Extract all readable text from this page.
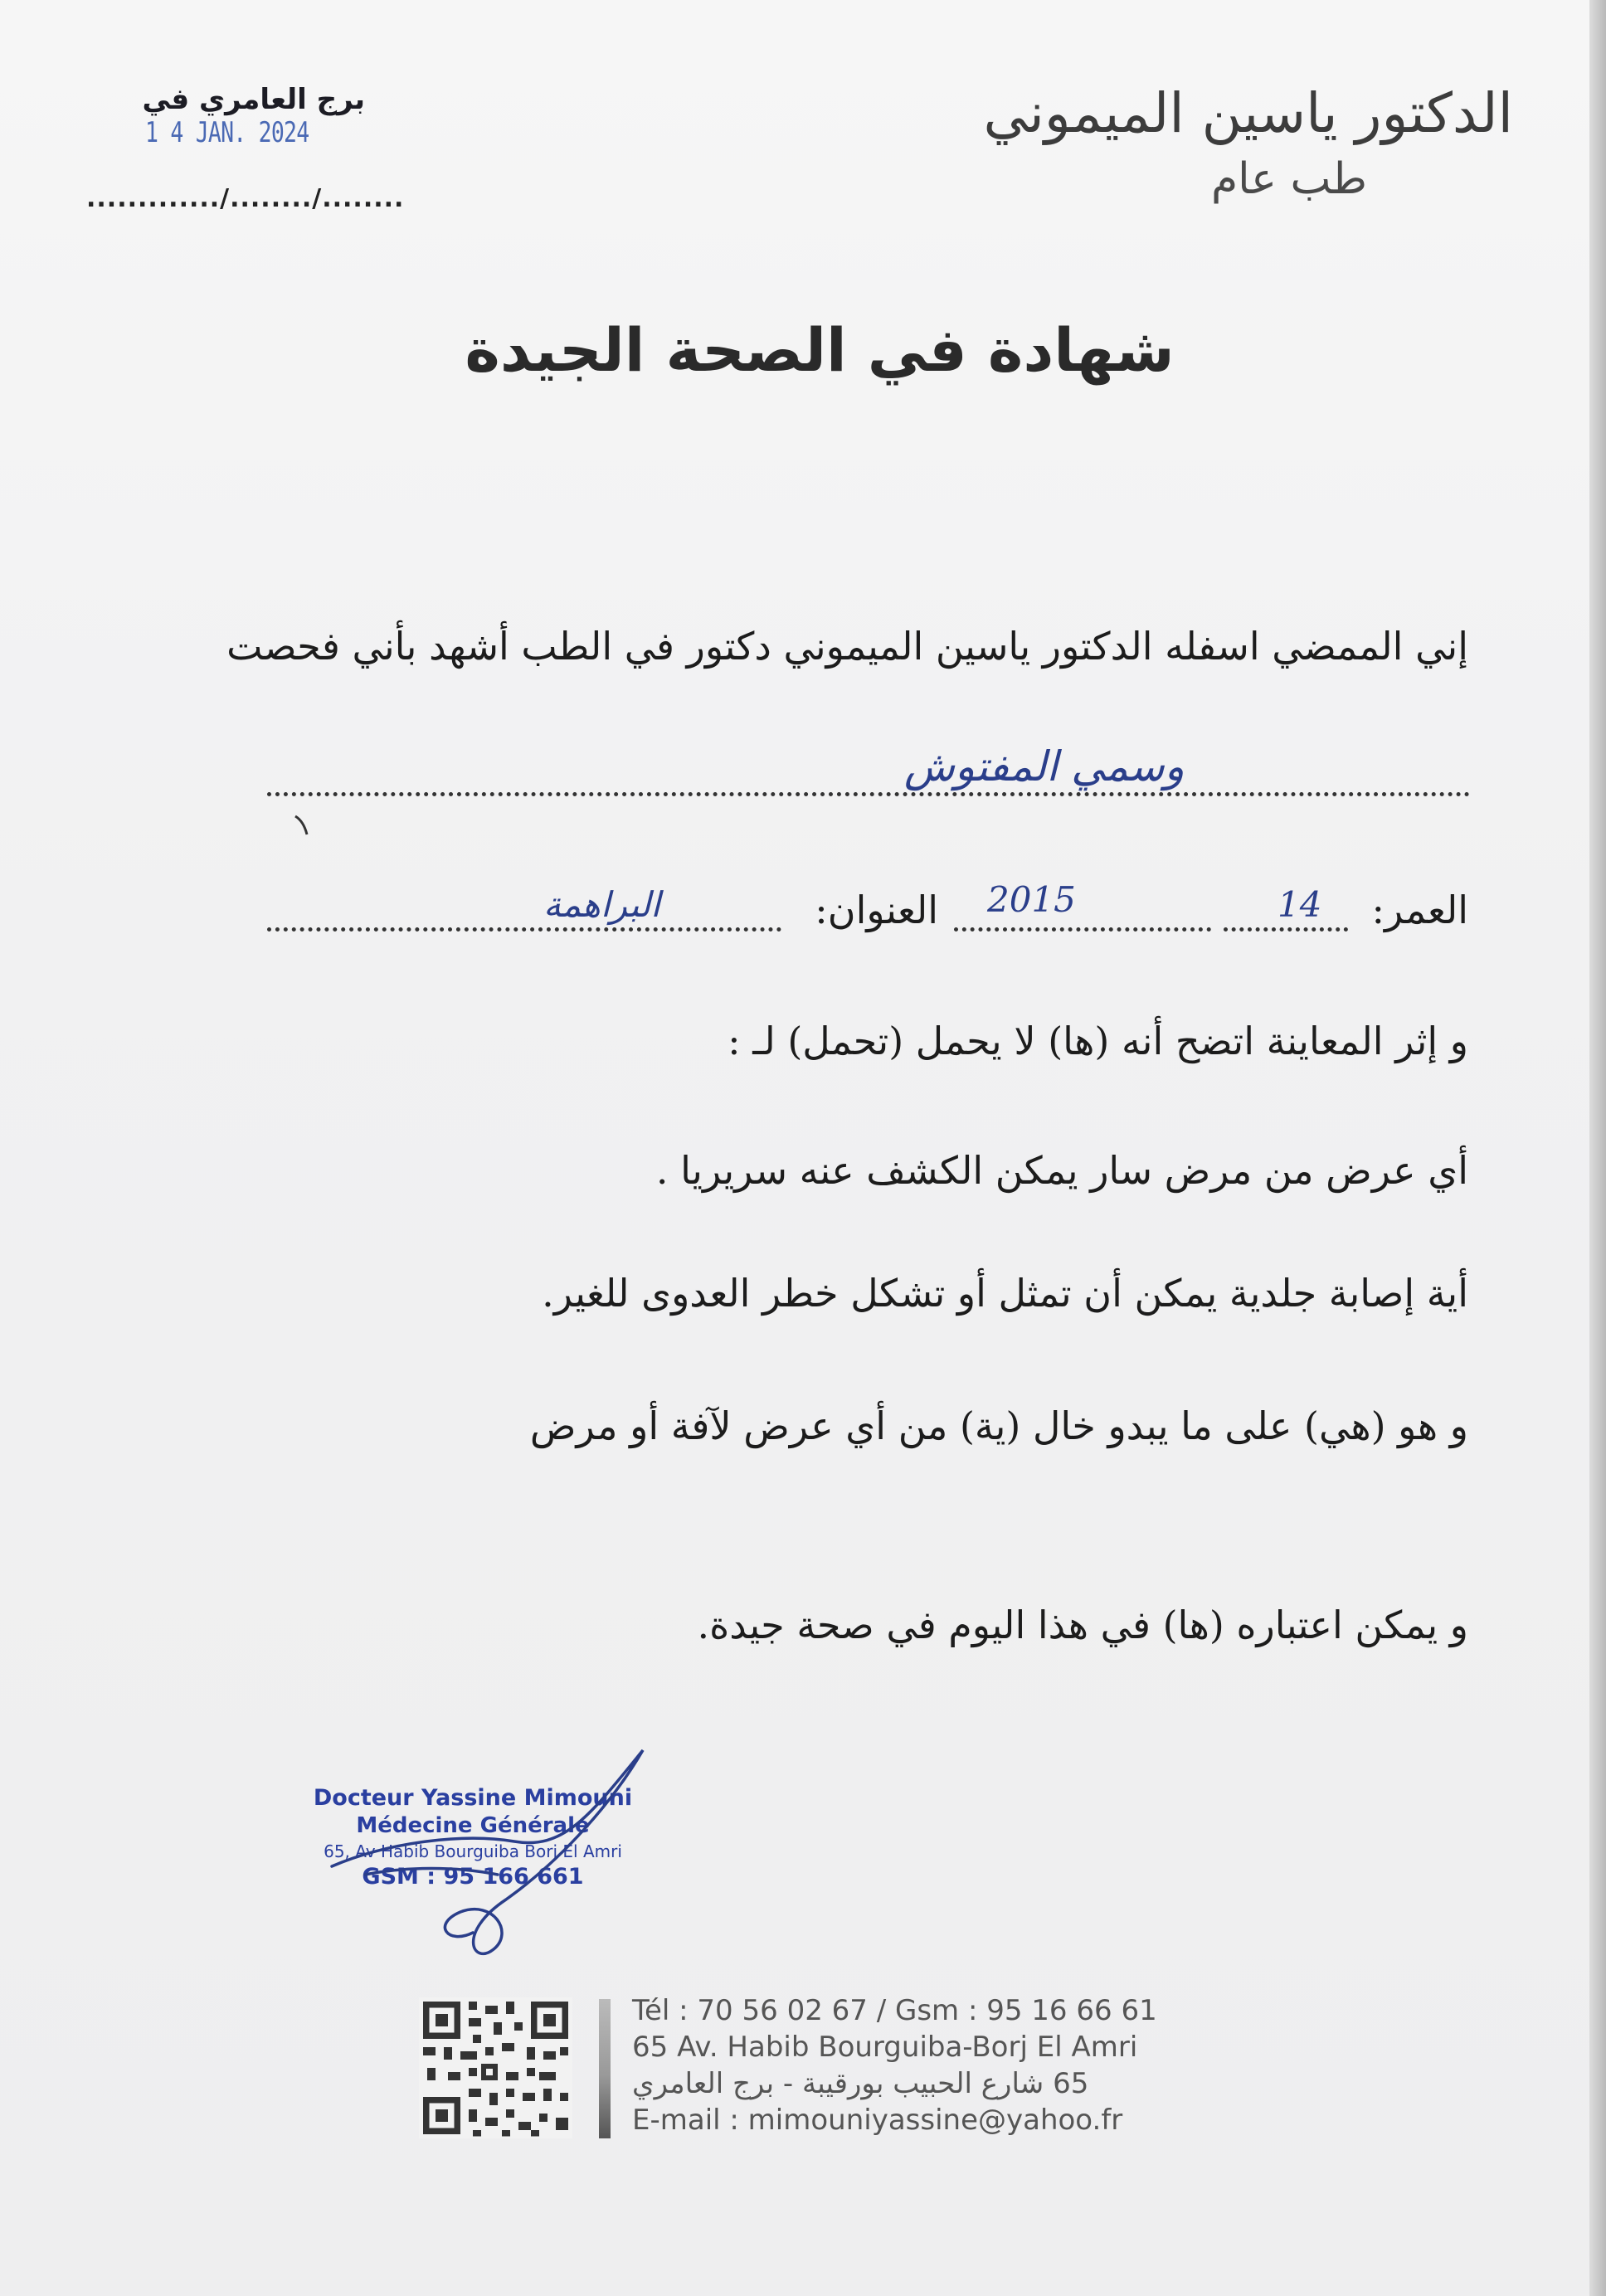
برج العامري في
1 4 JAN. 2024
............./......../........
الدكتور ياسين الميموني
طب عام
شهادة في الصحة الجيدة
إني الممضي اسفله الدكتور ياسين الميموني دكتور في الطب أشهد بأني فحصت
وسمي المفتوش
العمر:
14
2015
العنوان:
البراهمة
و إثر المعاينة اتضح أنه (ها) لا يحمل (تحمل) لـ :
أي عرض من مرض سار يمكن الكشف عنه سريريا .
أية إصابة جلدية يمكن أن تمثل أو تشكل خطر العدوى للغير.
و هو (هي) على ما يبدو خال (ية) من أي عرض لآفة أو مرض
و يمكن اعتباره (ها) في هذا اليوم في صحة جيدة.
Docteur Yassine Mimouni
Médecine Générale
65, Av Habib Bourguiba Borj El Amri
GSM : 95 166 661
Tél : 70 56 02 67 / Gsm : 95 16 66 61
65 Av. Habib Bourguiba-Borj El Amri
65 شارع الحبيب بورقيبة - برج العامري
E-mail : mimouniyassine@yahoo.fr
